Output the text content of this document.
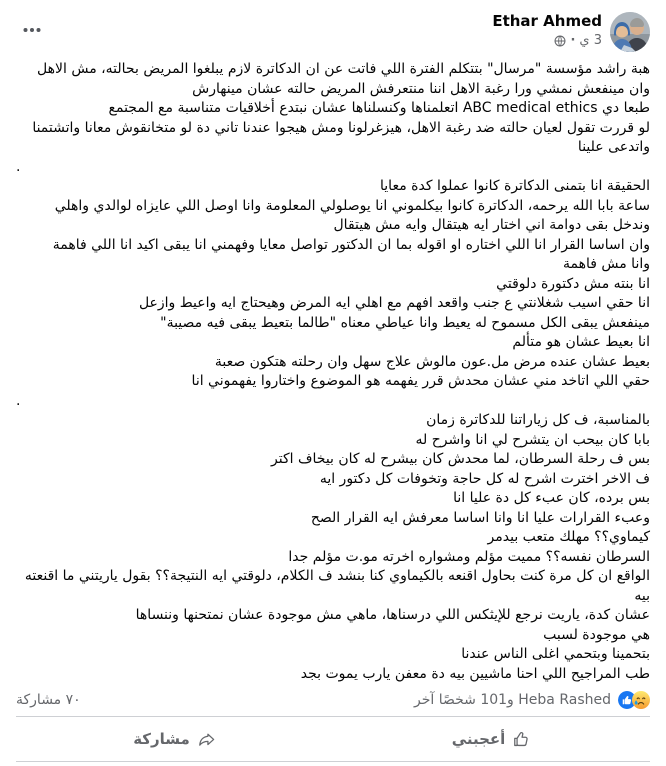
Ethar Ahmed
3 ي
·
هبة راشد مؤسسة "مرسال" بتتكلم الفترة اللي فاتت عن ان الدكاترة لازم يبلغوا المريض بحالته، مش الاهل
وان مينفعش نمشي ورا رغبة الاهل اننا منتعرفش المريض حالته عشان مينهارش
طبعا دي ABC medical ethics اتعلمناها وكنسلناها عشان نبتدع أخلاقيات متناسبة مع المجتمع
لو قررت تقول لعيان حالته ضد رغبة الاهل، هيزغرلونا ومش هيجوا عندنا تاني دة لو متخانقوش معانا واتشتمنا
واتدعى علينا
.
الحقيقة انا بتمنى الدكاترة كانوا عملوا كدة معايا
ساعة بابا الله يرحمه، الدكاترة كانوا بيكلموني انا يوصلولي المعلومة وانا اوصل اللي عايزاه لوالدي واهلي
وندخل بقى دوامة اني اختار ايه هيتقال وايه مش هيتقال
وان اساسا القرار انا اللي اختاره او اقوله بما ان الدكتور تواصل معايا وفهمني انا يبقى اكيد انا اللي فاهمة
وانا مش فاهمة
انا بنته مش دكتورة دلوقتي
انا حقي اسيب شغلانتي ع جنب واقعد افهم مع اهلي ايه المرض وهيحتاج ايه واعيط وازعل
مينفعش يبقى الكل مسموح له يعيط وانا عياطي معناه "طالما بتعيط يبقى فيه مصيبة"
انا بعيط عشان هو متألم
بعيط عشان عنده مرض مل.عون مالوش علاج سهل وان رحلته هتكون صعبة
حقي اللي اتاخد مني عشان محدش قرر يفهمه هو الموضوع واختاروا يفهموني انا
.
بالمناسبة، ف كل زياراتنا للدكاترة زمان
بابا كان بيحب ان يتشرح لي انا واشرح له
بس ف رحلة السرطان، لما محدش كان بيشرح له كان بيخاف اكتر
ف الاخر اخترت اشرح له كل حاجة وتخوفات كل دكتور ايه
بس برده، كان عبء كل دة عليا انا
وعبء القرارات عليا انا وانا اساسا معرفش ايه القرار الصح
كيماوي؟؟ مهلك متعب بيدمر
السرطان نفسه؟؟ مميت مؤلم ومشواره اخرته مو.ت مؤلم جدا
الواقع ان كل مرة كنت بحاول اقنعه بالكيماوي كنا بنشد ف الكلام، دلوقتي ايه النتيجة؟؟ بقول ياريتني ما اقنعته
بيه
عشان كدة، ياريت نرجع للإيثكس اللي درسناها، ماهي مش موجودة عشان نمتحنها وننساها
هي موجودة لسبب
بتحمينا وبتحمي اغلى الناس عندنا
طب المراجيح اللي احنا ماشيين بيه دة معفن يارب يموت بجد
Heba Rashed و101 شخصًا آخر
٧٠ مشاركة
أعجبني
مشاركة
